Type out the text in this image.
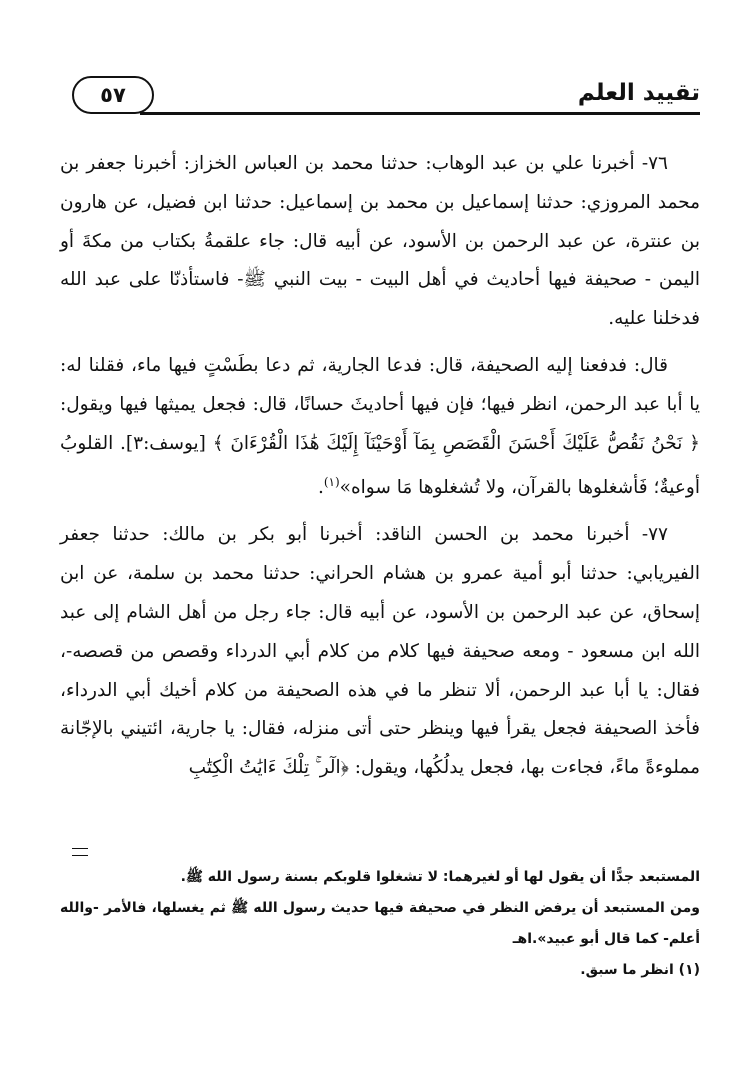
٥٧	تقييد العلم

٧٦- أخبرنا علي بن عبد الوهاب: حدثنا محمد بن العباس الخزاز: أخبرنا جعفر بن محمد المروزي: حدثنا إسماعيل بن محمد بن إسماعيل: حدثنا ابن فضيل، عن هارون بن عنترة، عن عبد الرحمن بن الأسود، عن أبيه قال: جاء علقمةُ بكتاب من مكةَ أو اليمن - صحيفة فيها أحاديث في أهل البيت - بيت النبي ﷺ- فاستأذنّا على عبد الله فدخلنا عليه.

قال: فدفعنا إليه الصحيفة، قال: فدعا الجارية، ثم دعا بطَسْتٍ فيها ماء، فقلنا له: يا أبا عبد الرحمن، انظر فيها؛ فإن فيها أحاديثَ حسانًا، قال: فجعل يميثها فيها ويقول: ﴿ نَحْنُ نَقُصُّ عَلَيْكَ أَحْسَنَ الْقَصَصِ بِمَآ أَوْحَيْنَآ إِلَيْكَ هَٰذَا الْقُرْءَانَ ﴾ [يوسف:٣]. القلوبُ أوعيةٌ؛ فَأشغلوها بالقرآن، ولا تُشغلوها مَا سواه»$^{(١)}$.

٧٧- أخبرنا محمد بن الحسن الناقد: أخبرنا أبو بكر بن مالك: حدثنا جعفر الفيريابي: حدثنا أبو أمية عمرو بن هشام الحراني: حدثنا محمد بن سلمة، عن ابن إسحاق، عن عبد الرحمن بن الأسود، عن أبيه قال: جاء رجل من أهل الشام إلى عبد الله ابن مسعود - ومعه صحيفة فيها كلام من كلام أبي الدرداء وقصص من قصصه-، فقال: يا أبا عبد الرحمن، ألا تنظر ما في هذه الصحيفة من كلام أخيك أبي الدرداء، فأخذ الصحيفة فجعل يقرأ فيها وينظر حتى أتى منزله، فقال: يا جارية، ائتيني بالإجّانة مملوءةً ماءً، فجاءت بها، فجعل يدلُكُها، ويقول: ﴿الٓر ۚ تِلْكَ ءَايَٰتُ الْكِتَٰبِ

المستبعد جدًّا أن يقول لها أو لغيرهما: لا تشغلوا قلوبكم بسنة رسول الله ﷺ.

ومن المستبعد أن يرفض النظر في صحيفة فيها حديث رسول الله ﷺ ثم يغسلها، فالأمر -والله أعلم- كما قال أبو عبيد».اهـ

(١) انظر ما سبق.
